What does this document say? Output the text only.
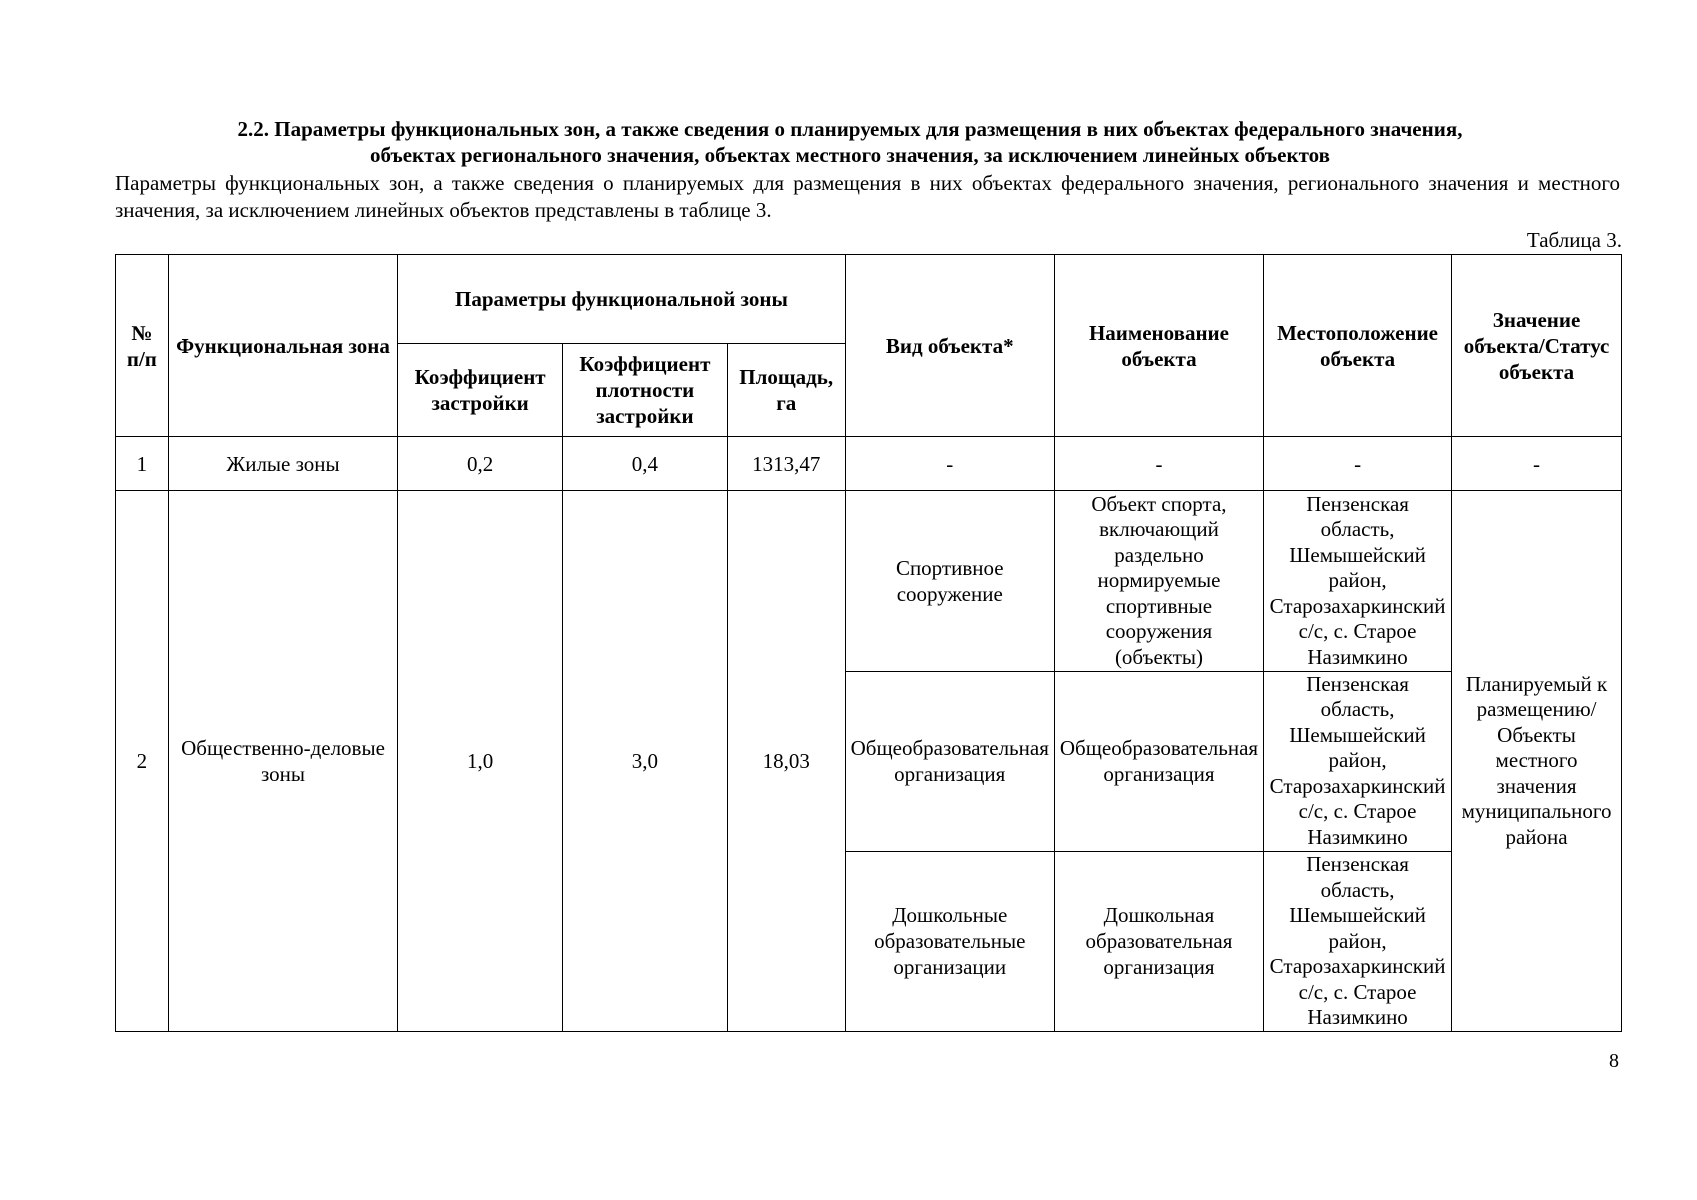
2.2. Параметры функциональных зон, а также сведения о планируемых для размещения в них объектах федерального значения,
объектах регионального значения, объектах местного значения, за исключением линейных объектов
Параметры функциональных зон, а также сведения о планируемых для размещения в них объектах федерального значения, регионального значения и местного значения, за исключением линейных объектов представлены в таблице 3.
Таблица 3.
№ п/п	Функциональная зона	Параметры функциональной зоны			Вид объекта*	Наименование объекта	Местоположение объекта	Значение объекта/Статус объекта
		Коэффициент застройки	Коэффициент плотности застройки	Площадь, га				
1	Жилые зоны	0,2	0,4	1313,47	-	-	-	-
2	Общественно-деловые зоны	1,0	3,0	18,03	Спортивное сооружение	Объект спорта, включающий раздельно нормируемые спортивные сооружения (объекты)	Пензенская область, Шемышейский район, Старозахаркинский с/с, с. Старое Назимкино	Планируемый к размещению/ Объекты местного значения муниципального района
					Общеобразовательная организация	Общеобразовательная организация	Пензенская область, Шемышейский район, Старозахаркинский с/с, с. Старое Назимкино	
					Дошкольные образовательные организации	Дошкольная образовательная организация	Пензенская область, Шемышейский район, Старозахаркинский с/с, с. Старое Назимкино	
8
